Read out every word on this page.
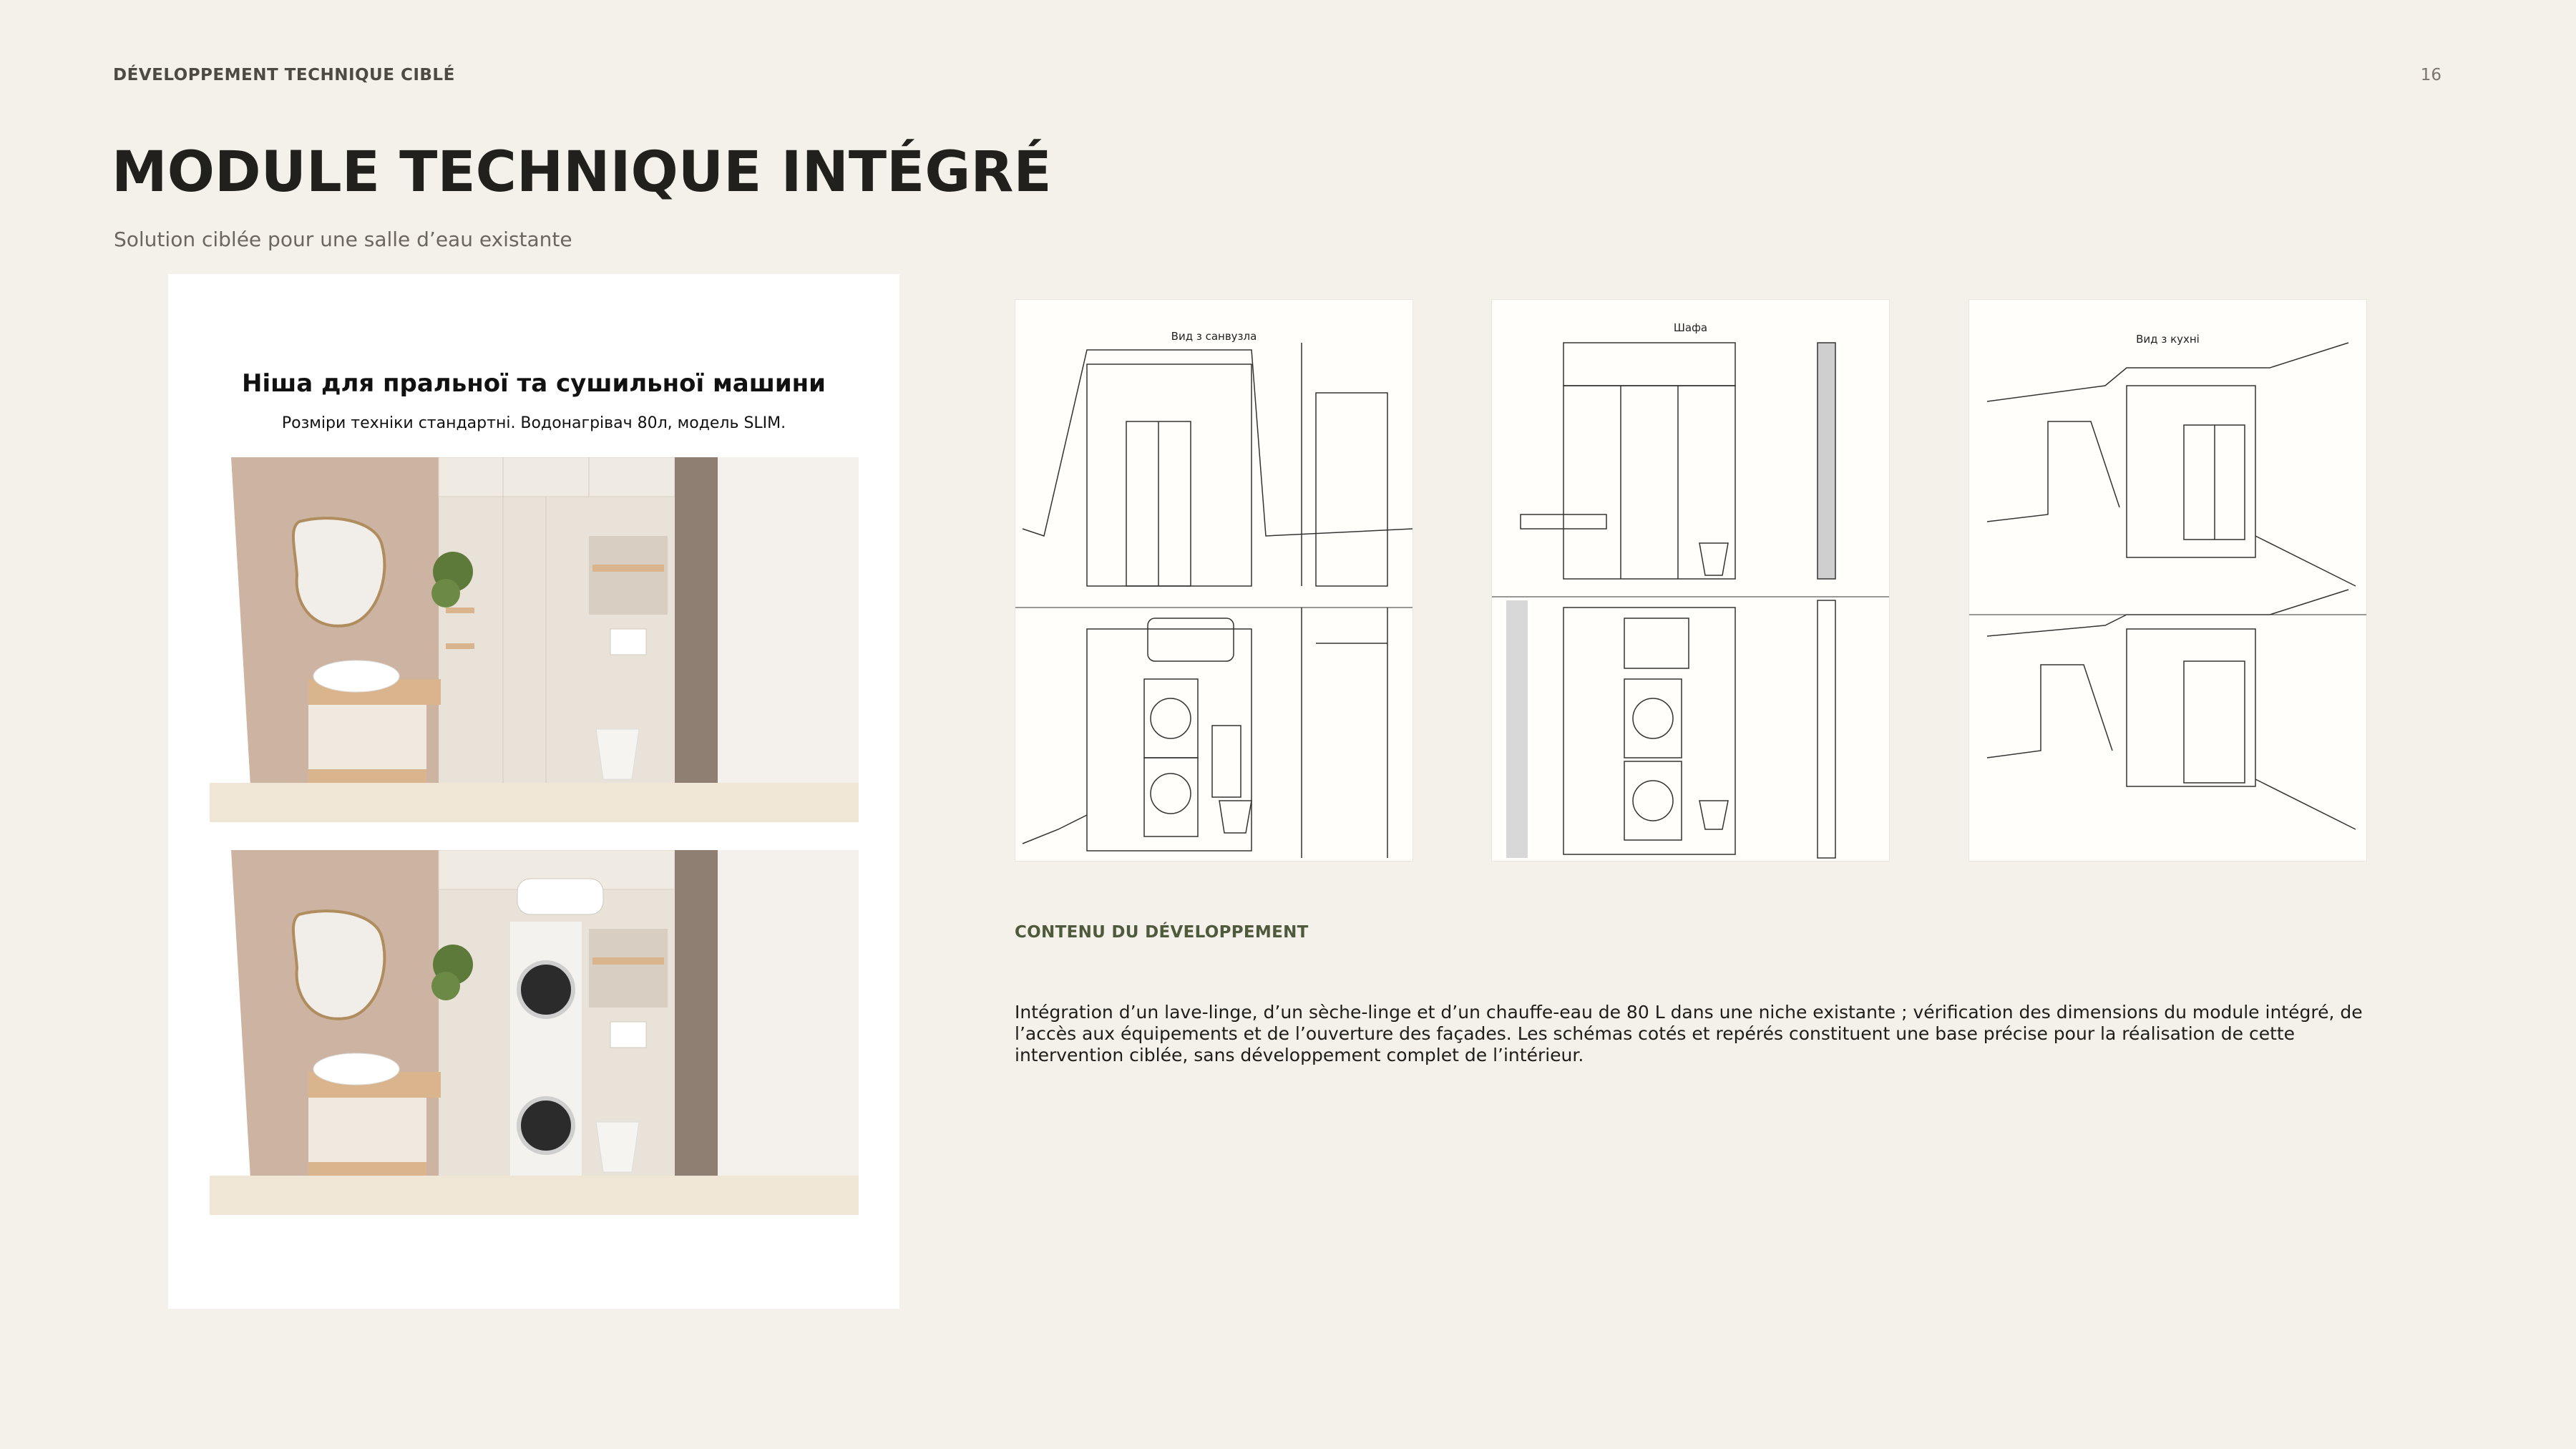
DÉVELOPPEMENT TECHNIQUE CIBLÉ	16
MODULE TECHNIQUE INTÉGRÉ
Solution ciblée pour une salle d’eau existante
Ніша для пральної та сушильної машини
Розміри техніки стандартні. Водонагрівач 80л, модель SLIM.
Вид з санвузла
Шафа
Вид з кухні
CONTENU DU DÉVELOPPEMENT
Intégration d’un lave-linge, d’un sèche-linge et d’un chauffe-eau de 80 L dans une niche existante ; vérification des dimensions du module intégré, de l’accès aux équipements et de l’ouverture des façades. Les schémas cotés et repérés constituent une base précise pour la réalisation de cette intervention ciblée, sans développement complet de l’intérieur.
